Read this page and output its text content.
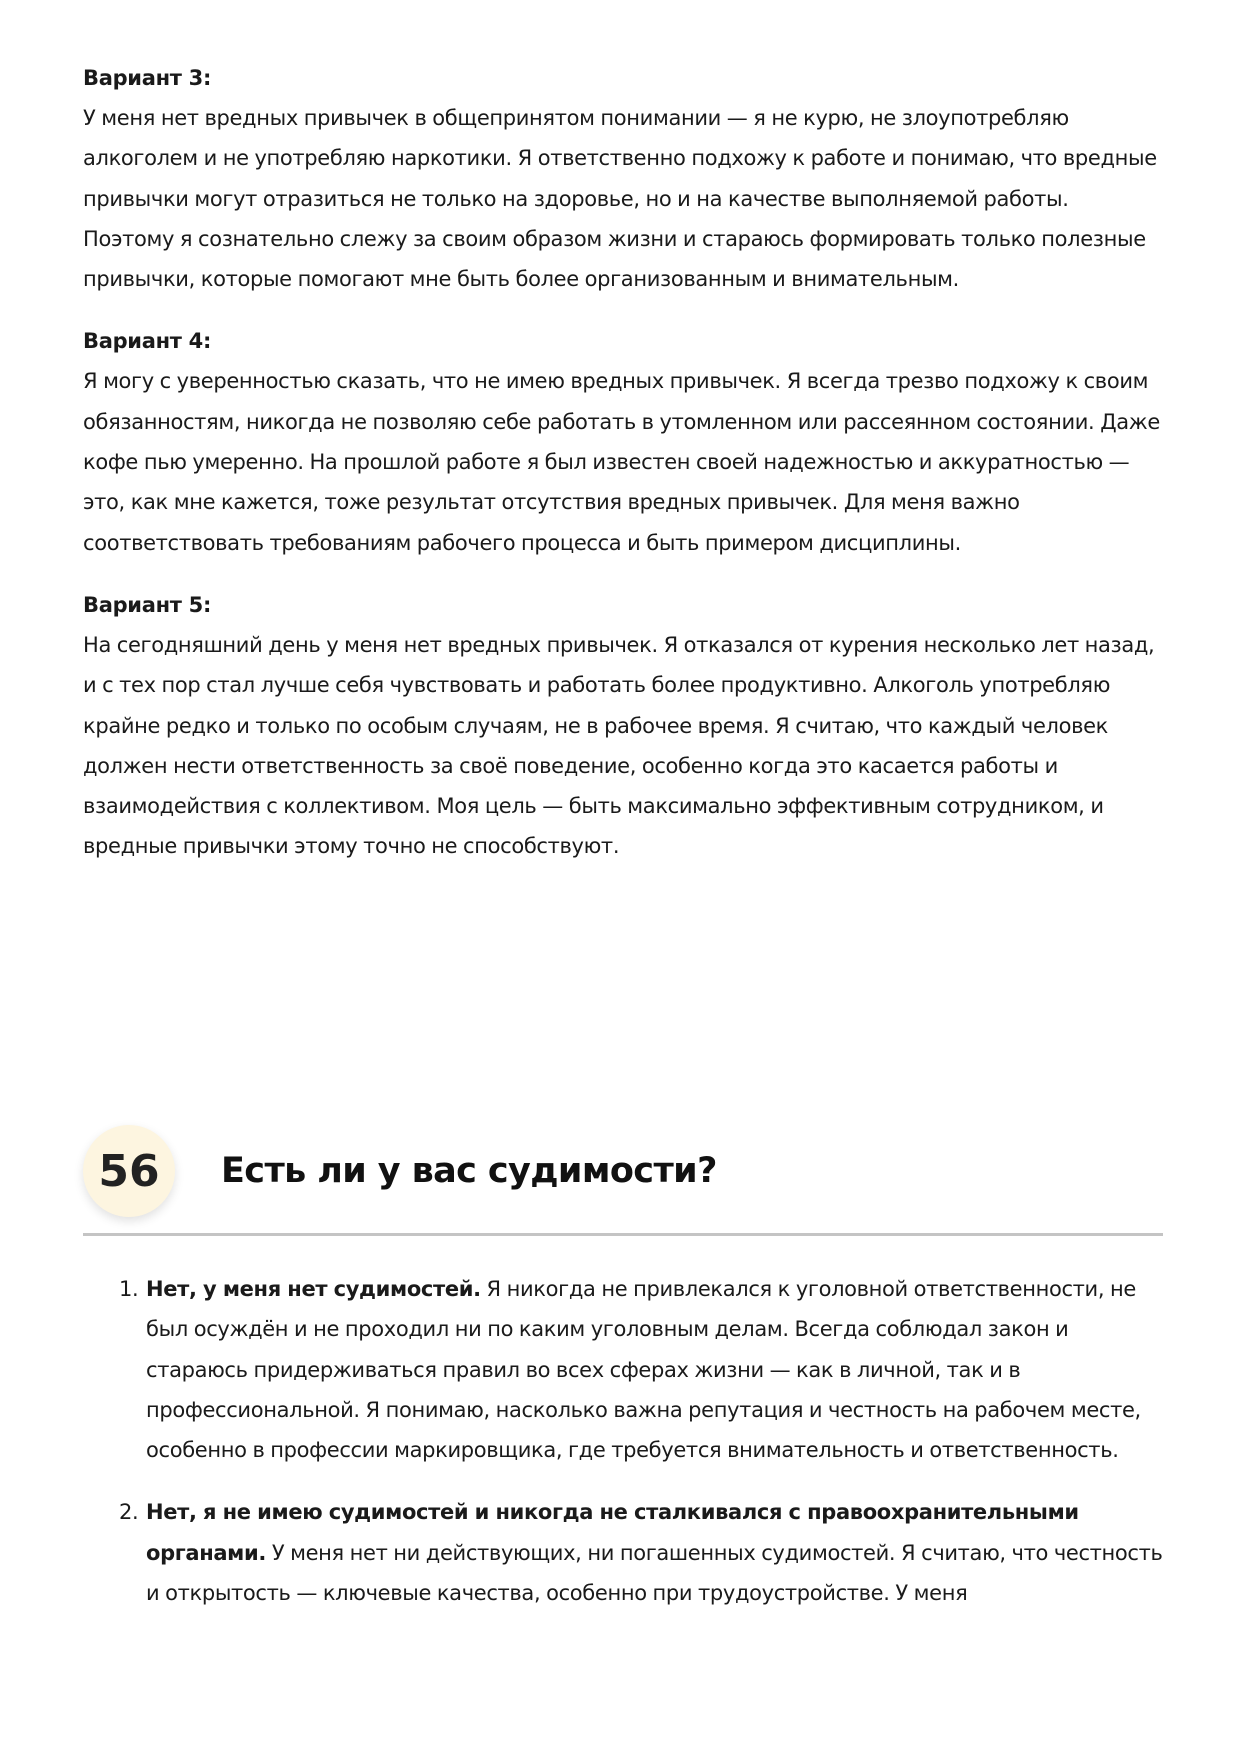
Вариант 3:

У меня нет вредных привычек в общепринятом понимании — я не курю, не злоупотребляю алкоголем и не употребляю наркотики. Я ответственно подхожу к работе и понимаю, что вредные привычки могут отразиться не только на здоровье, но и на качестве выполняемой работы. Поэтому я сознательно слежу за своим образом жизни и стараюсь формировать только полезные привычки, которые помогают мне быть более организованным и внимательным.

Вариант 4:

Я могу с уверенностью сказать, что не имею вредных привычек. Я всегда трезво подхожу к своим обязанностям, никогда не позволяю себе работать в утомленном или рассеянном состоянии. Даже кофе пью умеренно. На прошлой работе я был известен своей надежностью и аккуратностью — это, как мне кажется, тоже результат отсутствия вредных привычек. Для меня важно соответствовать требованиям рабочего процесса и быть примером дисциплины.

Вариант 5:

На сегодняшний день у меня нет вредных привычек. Я отказался от курения несколько лет назад, и с тех пор стал лучше себя чувствовать и работать более продуктивно. Алкоголь употребляю крайне редко и только по особым случаям, не в рабочее время. Я считаю, что каждый человек должен нести ответственность за своё поведение, особенно когда это касается работы и взаимодействия с коллективом. Моя цель — быть максимально эффективным сотрудником, и вредные привычки этому точно не способствуют.

56	Есть ли у вас судимости?
1. Нет, у меня нет судимостей. Я никогда не привлекался к уголовной ответственности, не был осуждён и не проходил ни по каким уголовным делам. Всегда соблюдал закон и стараюсь придерживаться правил во всех сферах жизни — как в личной, так и в профессиональной. Я понимаю, насколько важна репутация и честность на рабочем месте, особенно в профессии маркировщика, где требуется внимательность и ответственность.
2. Нет, я не имею судимостей и никогда не сталкивался с правоохранительными органами. У меня нет ни действующих, ни погашенных судимостей. Я считаю, что честность и открытость — ключевые качества, особенно при трудоустройстве. У меня
